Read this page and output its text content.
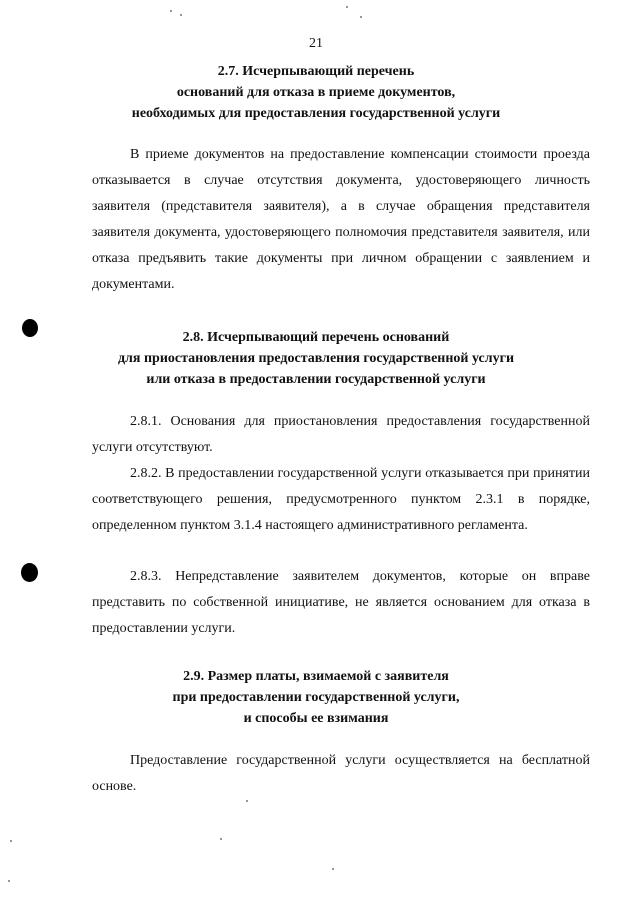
21
2.7. Исчерпывающий перечень
оснований для отказа в приеме документов,
необходимых для предоставления государственной услуги

В приеме документов на предоставление компенсации стоимости проезда отказывается в случае отсутствия документа, удостоверяющего личность заявителя (представителя заявителя), а в случае обращения представителя заявителя документа, удостоверяющего полномочия представителя заявителя, или отказа предъявить такие документы при личном обращении с заявлением и документами.

2.8. Исчерпывающий перечень оснований
для приостановления предоставления государственной услуги
или отказа в предоставлении государственной услуги

2.8.1. Основания для приостановления предоставления государственной услуги отсутствуют.

2.8.2. В предоставлении государственной услуги отказывается при принятии соответствующего решения, предусмотренного пунктом 2.3.1 в порядке, определенном пунктом 3.1.4 настоящего административного регламента.

2.8.3. Непредставление заявителем документов, которые он вправе представить по собственной инициативе, не является основанием для отказа в предоставлении услуги.

2.9. Размер платы, взимаемой с заявителя
при предоставлении государственной услуги,
и способы ее взимания

Предоставление государственной услуги осуществляется на бесплатной основе.
